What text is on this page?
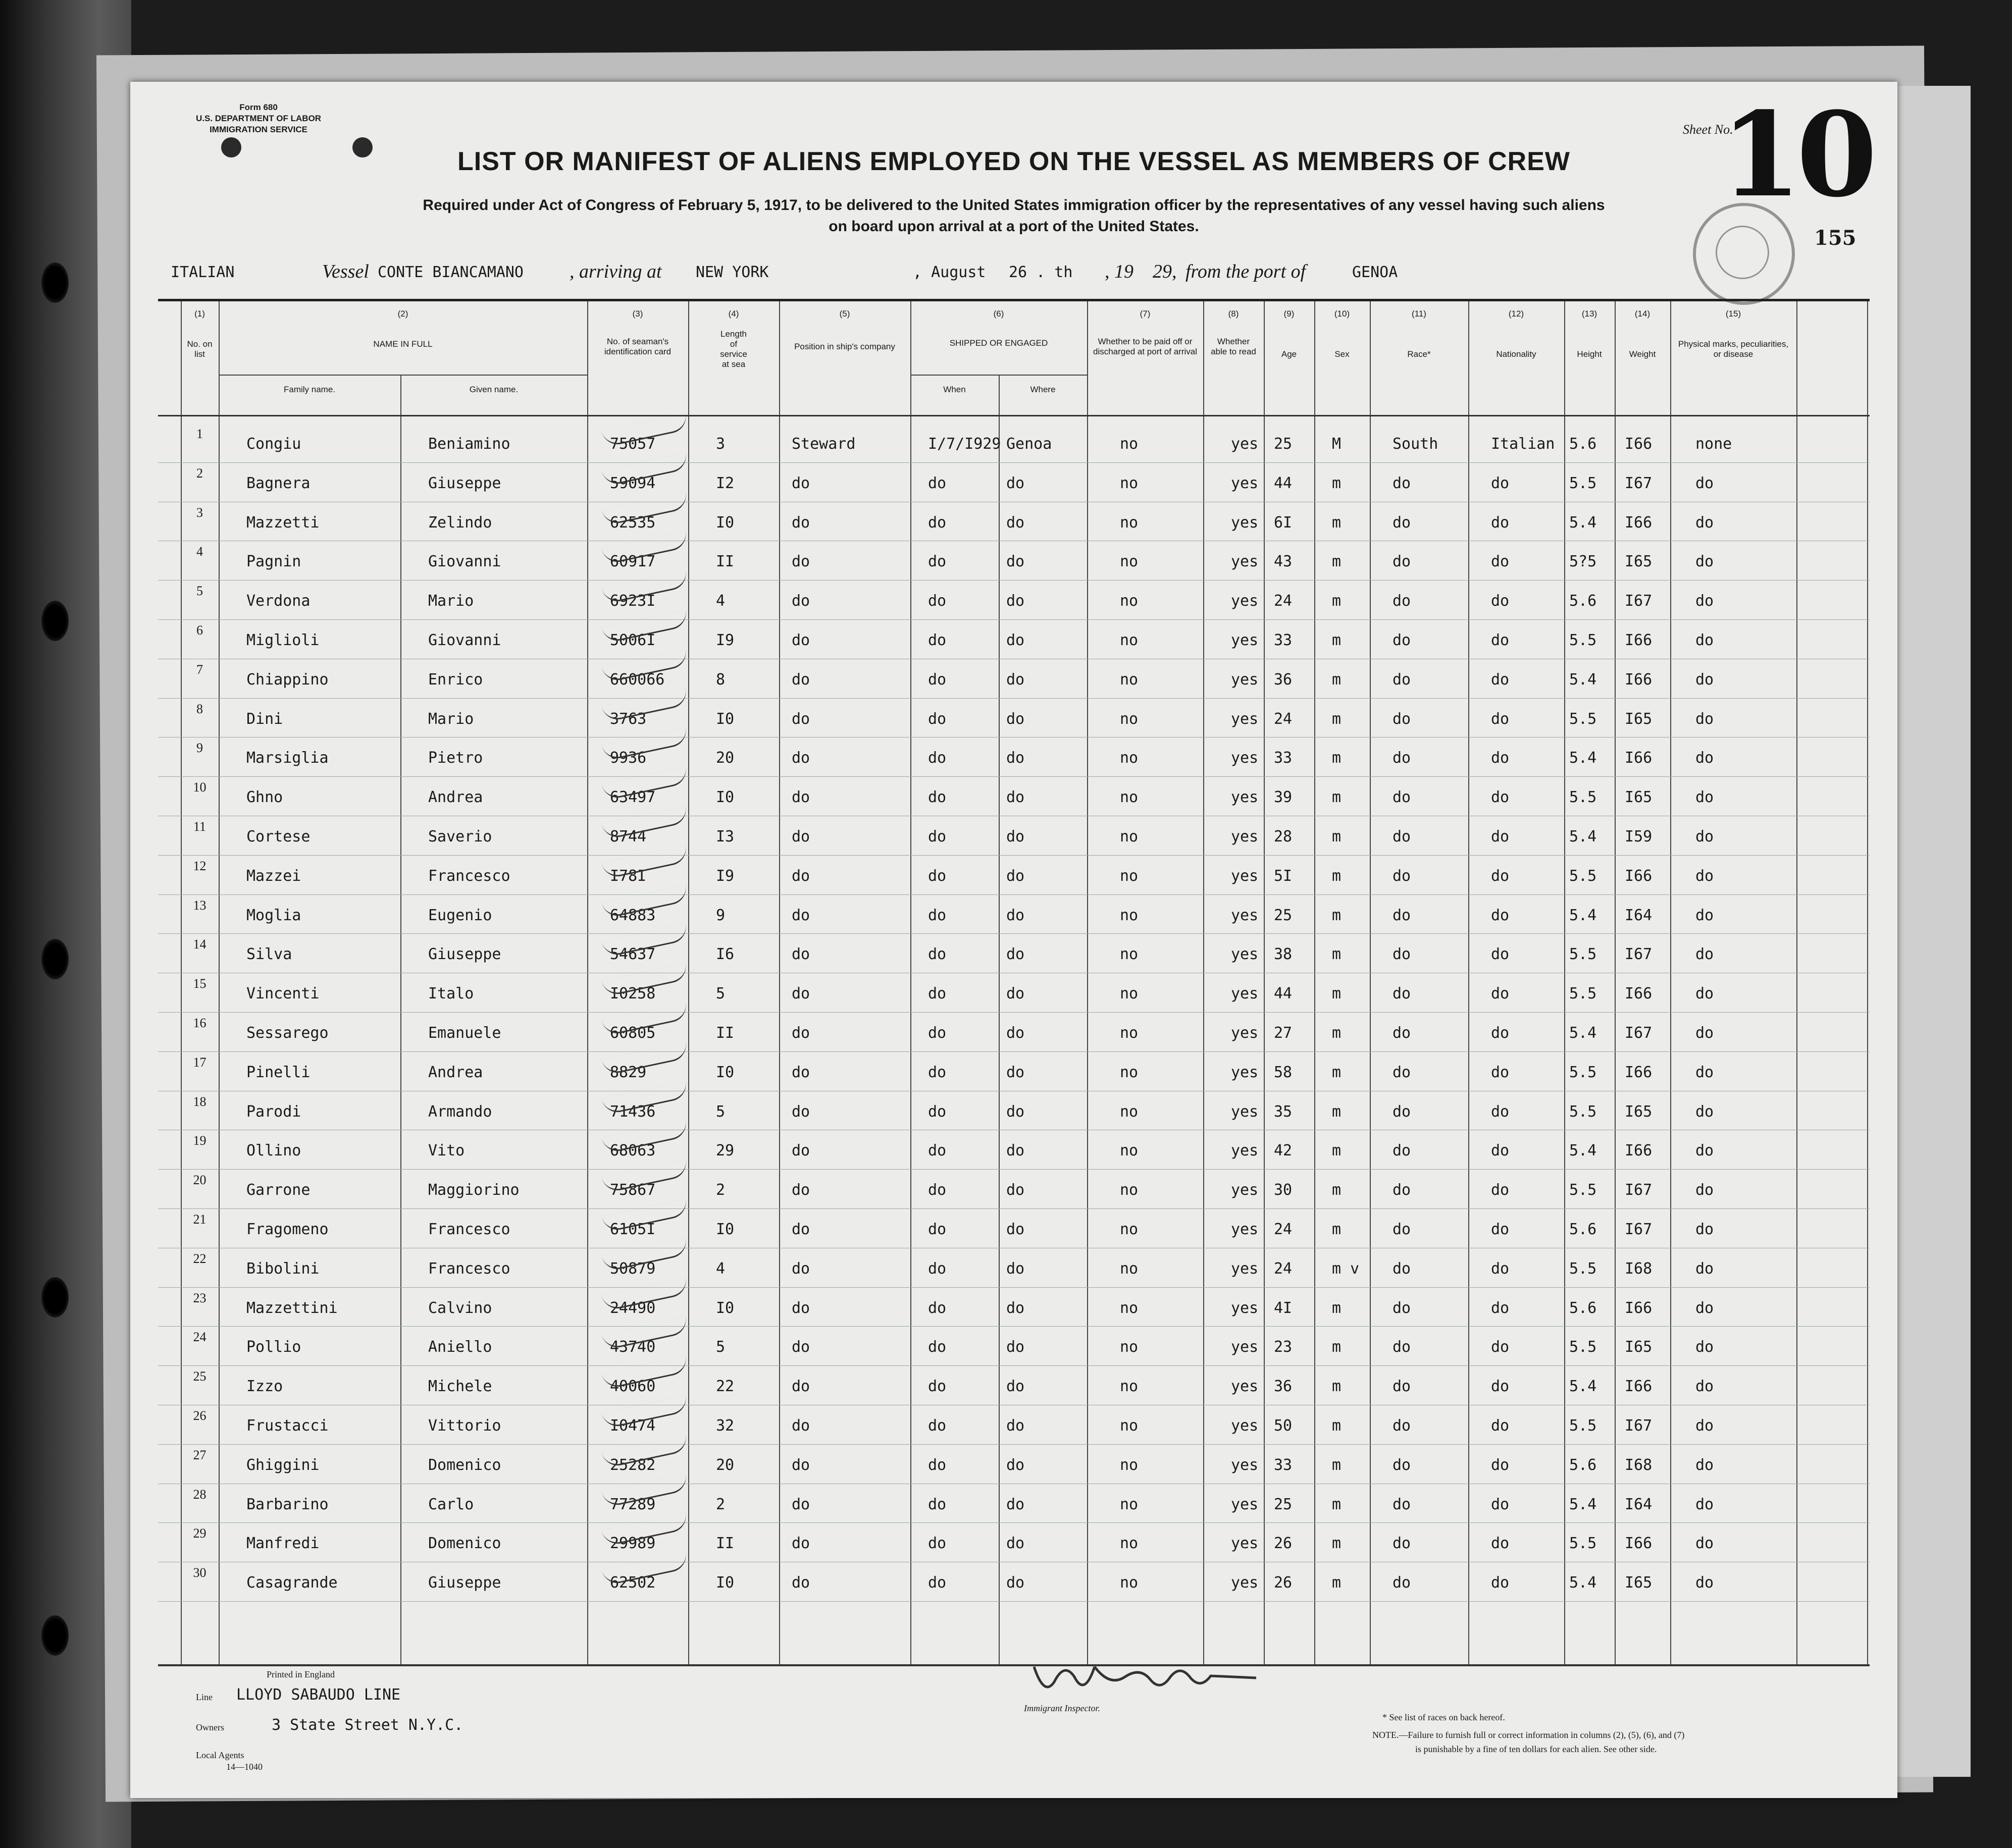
Form 680
U.S. DEPARTMENT OF LABOR
IMMIGRATION SERVICE
LIST OR MANIFEST OF ALIENS EMPLOYED ON THE VESSEL AS MEMBERS OF CREW
Required under Act of Congress of February 5, 1917, to be delivered to the United States immigration officer by the representatives of any vessel having such aliens
on board upon arrival at a port of the United States.
Sheet No.
10
155
ITALIAN	Vessel CONTE BIANCAMANO , arriving at NEW YORK	, August 26 . th , 19 29, from the port of	GENOA
(1)
No. on list
(2)
NAME IN FULL
Family name.	Given name.
(3)
No. of seaman's identification card
(4)
Length of service at sea
(5)
Position in ship's company
(6)
SHIPPED OR ENGAGED
When	Where
(7)
Whether to be paid off or discharged at port of arrival
(8)
Whether able to read
(9)
Age
(10)
Sex
(11)
Race*
(12)
Nationality
(13)
Height
(14)
Weight
(15)
Physical marks, peculiarities, or disease
1
Congiu	Beniamino	75057	3	Steward	I/7/I929 Genoa	no	yes 25	M	South	Italian 5.6 I66	none
2
Bagnera	Giuseppe	59094	I2	do	do	do	no	yes 44	m	do	do	5.5 I67	do
3
Mazzetti	Zelindo	62535	I0	do	do	do	no	yes 6I	m	do	do	5.4 I66	do
4
Pagnin	Giovanni	60917	II	do	do	do	no	yes 43	m	do	do	5?5 I65	do
5
Verdona	Mario	6923I	4	do	do	do	no	yes 24	m	do	do	5.6 I67	do
6
Miglioli	Giovanni	5006I	I9	do	do	do	no	yes 33	m	do	do	5.5 I66	do
7
Chiappino	Enrico	660066	8	do	do	do	no	yes 36	m	do	do	5.4 I66	do
8
Dini	Mario	3763	I0	do	do	do	no	yes 24	m	do	do	5.5 I65	do
9
Marsiglia	Pietro	9936	20	do	do	do	no	yes 33	m	do	do	5.4 I66	do
10
Ghno	Andrea	63497	I0	do	do	do	no	yes 39	m	do	do	5.5 I65	do
11
Cortese	Saverio	8744	I3	do	do	do	no	yes 28	m	do	do	5.4 I59	do
12
Mazzei	Francesco	I78I	I9	do	do	do	no	yes 5I	m	do	do	5.5 I66	do
13
Moglia	Eugenio	64883	9	do	do	do	no	yes 25	m	do	do	5.4 I64	do
14
Silva	Giuseppe	54637	I6	do	do	do	no	yes 38	m	do	do	5.5 I67	do
15
Vincenti	Italo	I0258	5	do	do	do	no	yes 44	m	do	do	5.5 I66	do
16
Sessarego	Emanuele	60805	II	do	do	do	no	yes 27	m	do	do	5.4 I67	do
17
Pinelli	Andrea	8829	I0	do	do	do	no	yes 58	m	do	do	5.5 I66	do
18
Parodi	Armando	71436	5	do	do	do	no	yes 35	m	do	do	5.5 I65	do
19
Ollino	Vito	68063	29	do	do	do	no	yes 42	m	do	do	5.4 I66	do
20
Garrone	Maggiorino	75867	2	do	do	do	no	yes 30	m	do	do	5.5 I67	do
21
Fragomeno	Francesco	6105I	I0	do	do	do	no	yes 24	m	do	do	5.6 I67	do
22
Bibolini	Francesco	50879	4	do	do	do	no	yes 24	m v do	do	5.5 I68	do
23
Mazzettini	Calvino	24490	I0	do	do	do	no	yes 4I	m	do	do	5.6 I66	do
24
Pollio	Aniello	43740	5	do	do	do	no	yes 23	m	do	do	5.5 I65	do
25
Izzo	Michele	40060	22	do	do	do	no	yes 36	m	do	do	5.4 I66	do
26
Frustacci	Vittorio	I0474	32	do	do	do	no	yes 50	m	do	do	5.5 I67	do
27
Ghiggini	Domenico	25282	20	do	do	do	no	yes 33	m	do	do	5.6 I68	do
28
Barbarino	Carlo	77289	2	do	do	do	no	yes 25	m	do	do	5.4 I64	do
29
Manfredi	Domenico	29989	II	do	do	do	no	yes 26	m	do	do	5.5 I66	do
30
Casagrande	Giuseppe	62502	I0	do	do	do	no	yes 26	m	do	do	5.4 I65	do
Printed in England
Line LLOYD SABAUDO LINE
Owners	3 State Street N.Y.C.
Local Agents
14—1040
Immigrant Inspector.
* See list of races on back hereof.
NOTE.—Failure to furnish full or correct information in columns (2), (5), (6), and (7)
is punishable by a fine of ten dollars for each alien. See other side.
